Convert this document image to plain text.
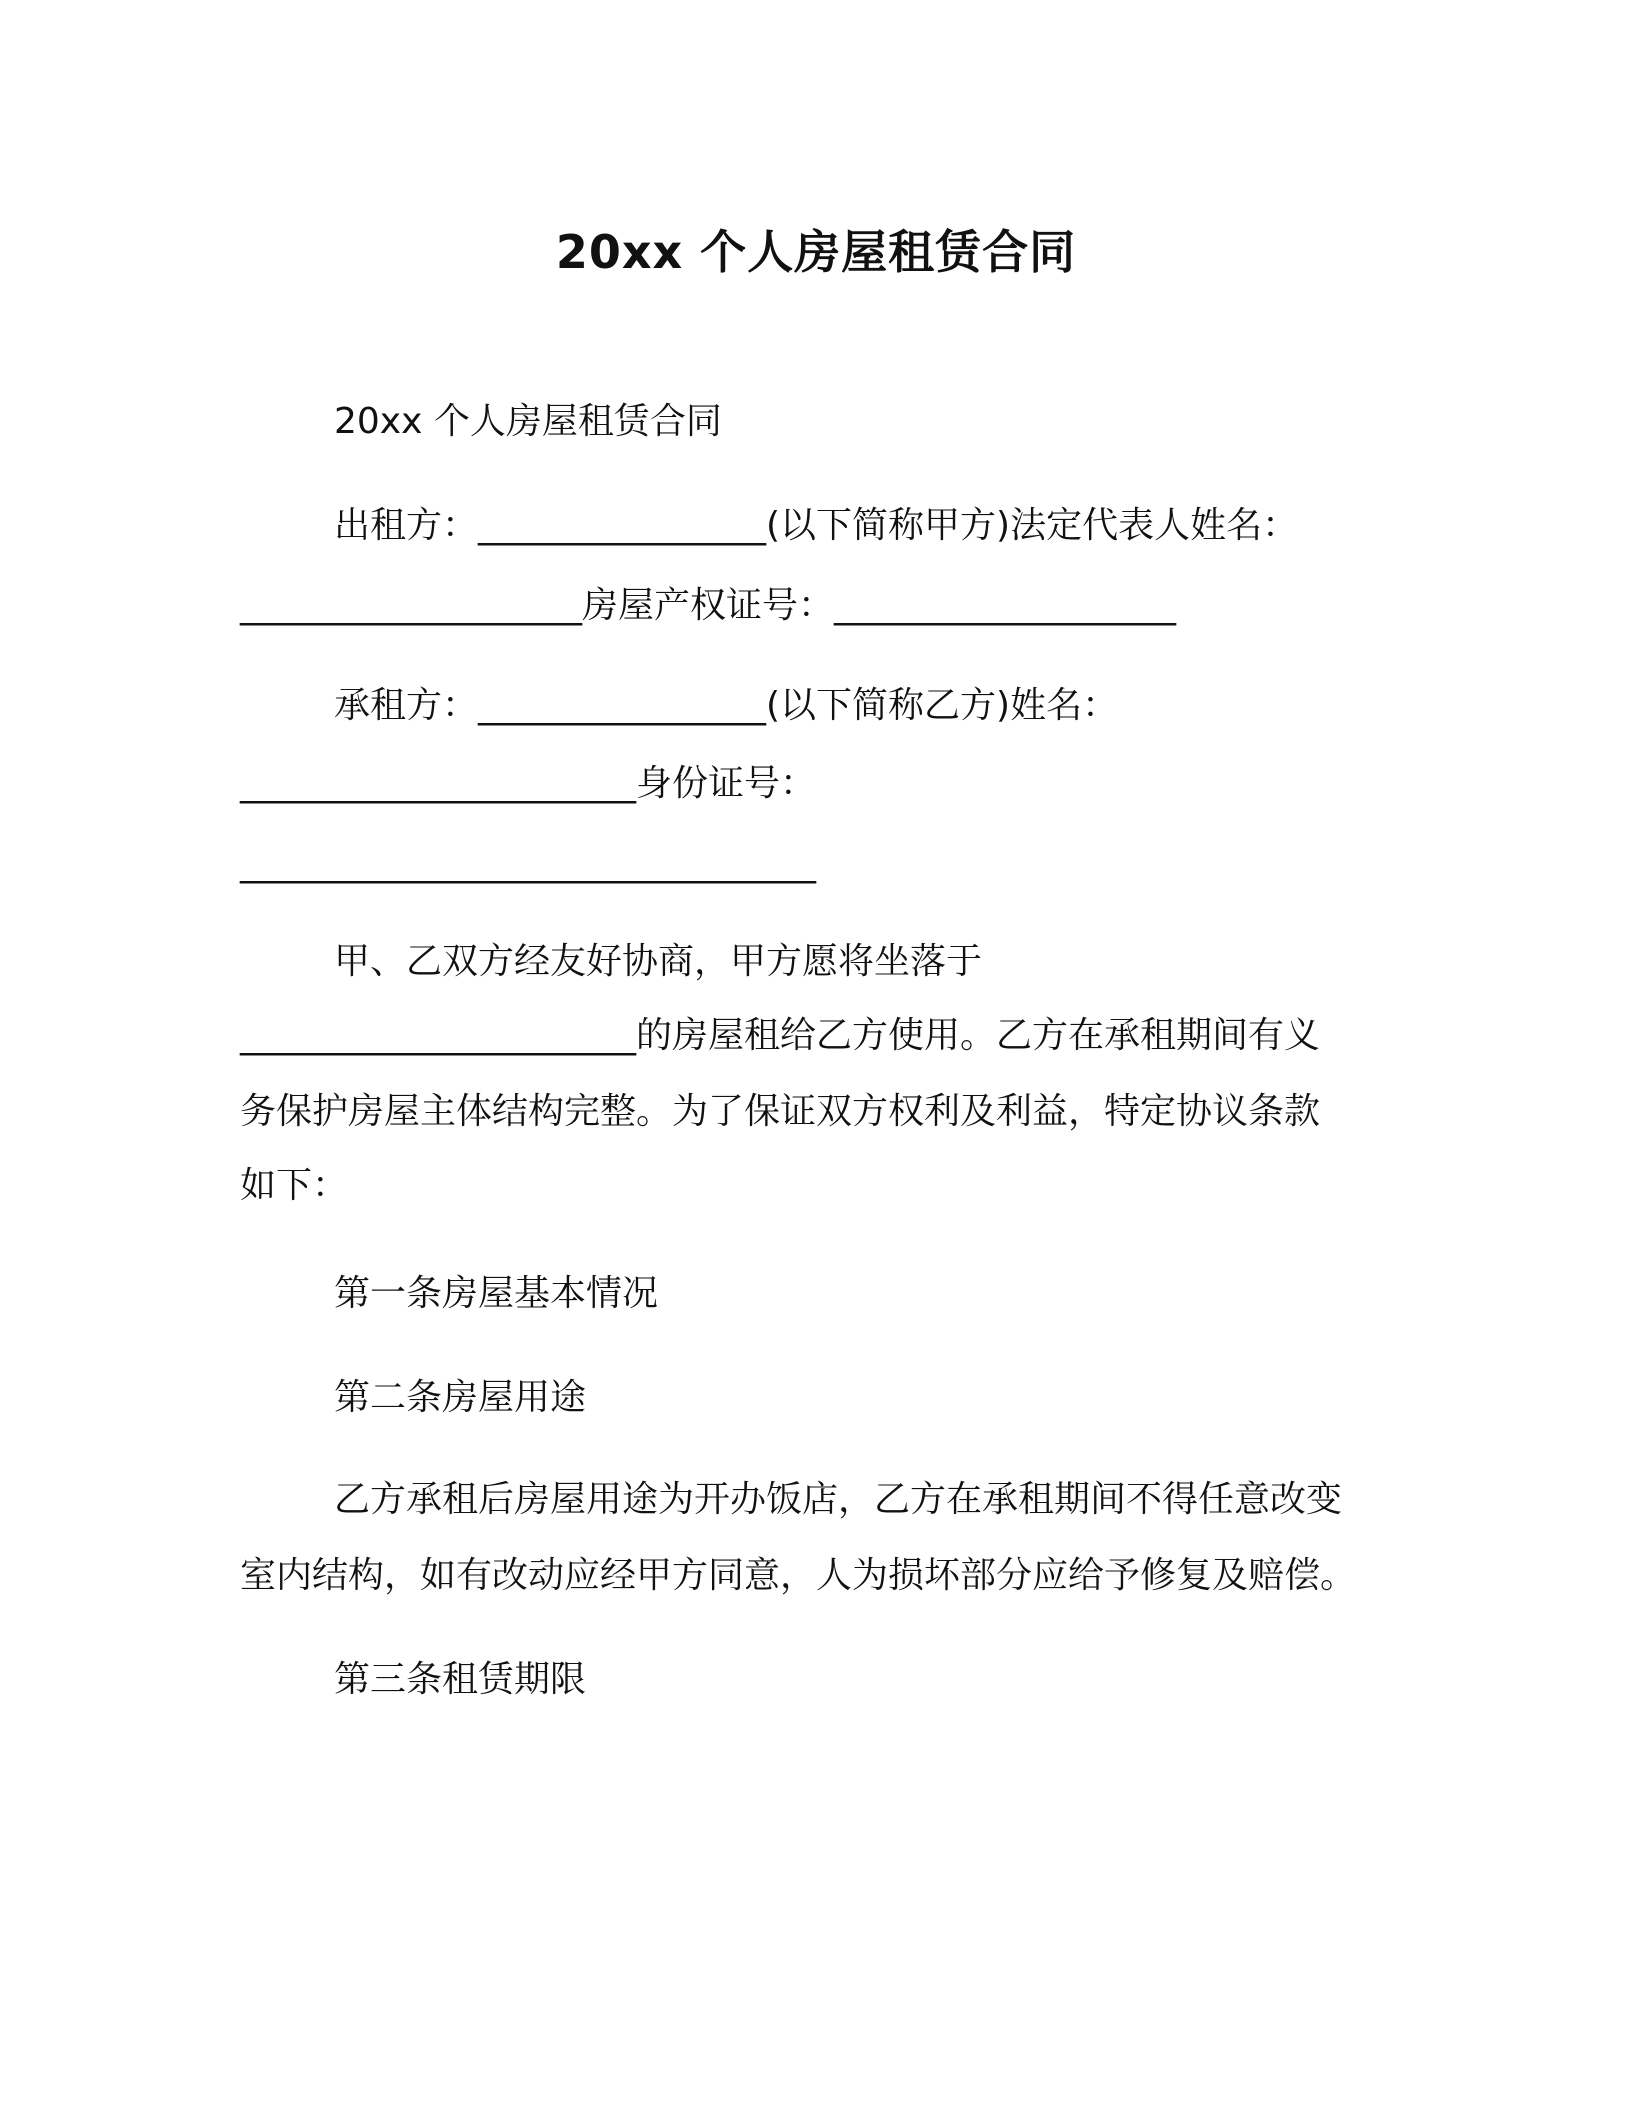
20xx 个人房屋租赁合同
20xx 个人房屋租赁合同
出租方：________________(以下简称甲方)法定代表人姓名：
___________________房屋产权证号：___________________
承租方：________________(以下简称乙方)姓名：
______________________身份证号：
________________________________
甲、乙双方经友好协商，甲方愿将坐落于
______________________的房屋租给乙方使用。乙方在承租期间有义
务保护房屋主体结构完整。为了保证双方权利及利益，特定协议条款
如下：
第一条房屋基本情况
第二条房屋用途
乙方承租后房屋用途为开办饭店，乙方在承租期间不得任意改变
室内结构，如有改动应经甲方同意，人为损坏部分应给予修复及赔偿。
第三条租赁期限
